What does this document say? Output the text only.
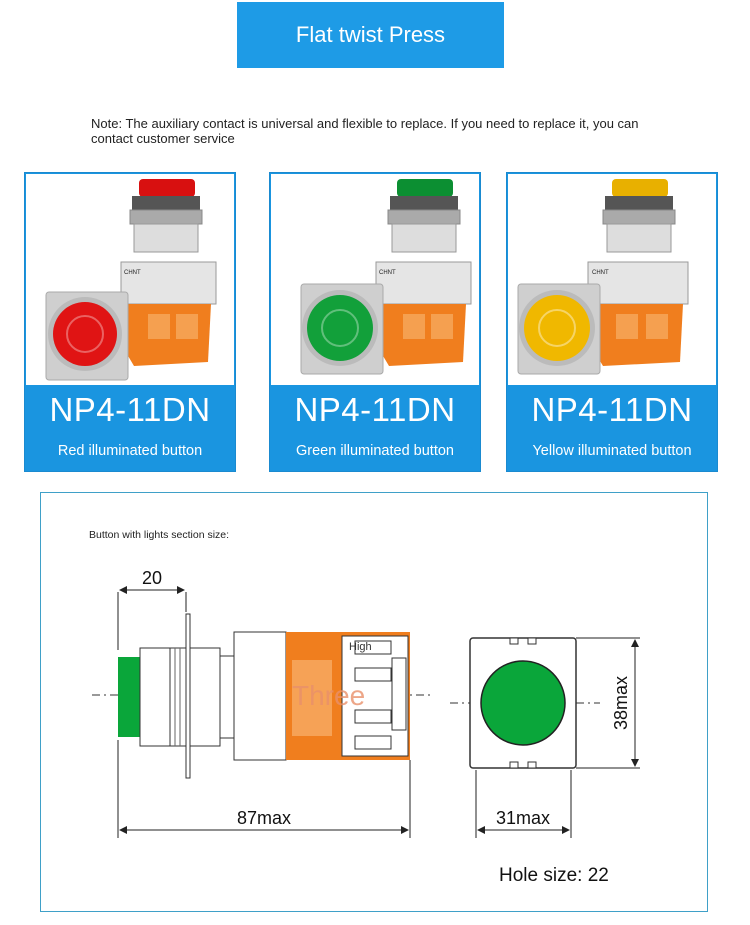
Flat twist Press
Note: The auxiliary contact is universal and flexible to replace. If you need to replace it, you can contact customer service
CHNT
NP4-11DN
Red illuminated button
CHNT
NP4-11DN
Green illuminated button
CHNT
NP4-11DN
Yellow illuminated button
Button with lights section size:
High
Three
20
87max
38max
31max
Hole size: 22
